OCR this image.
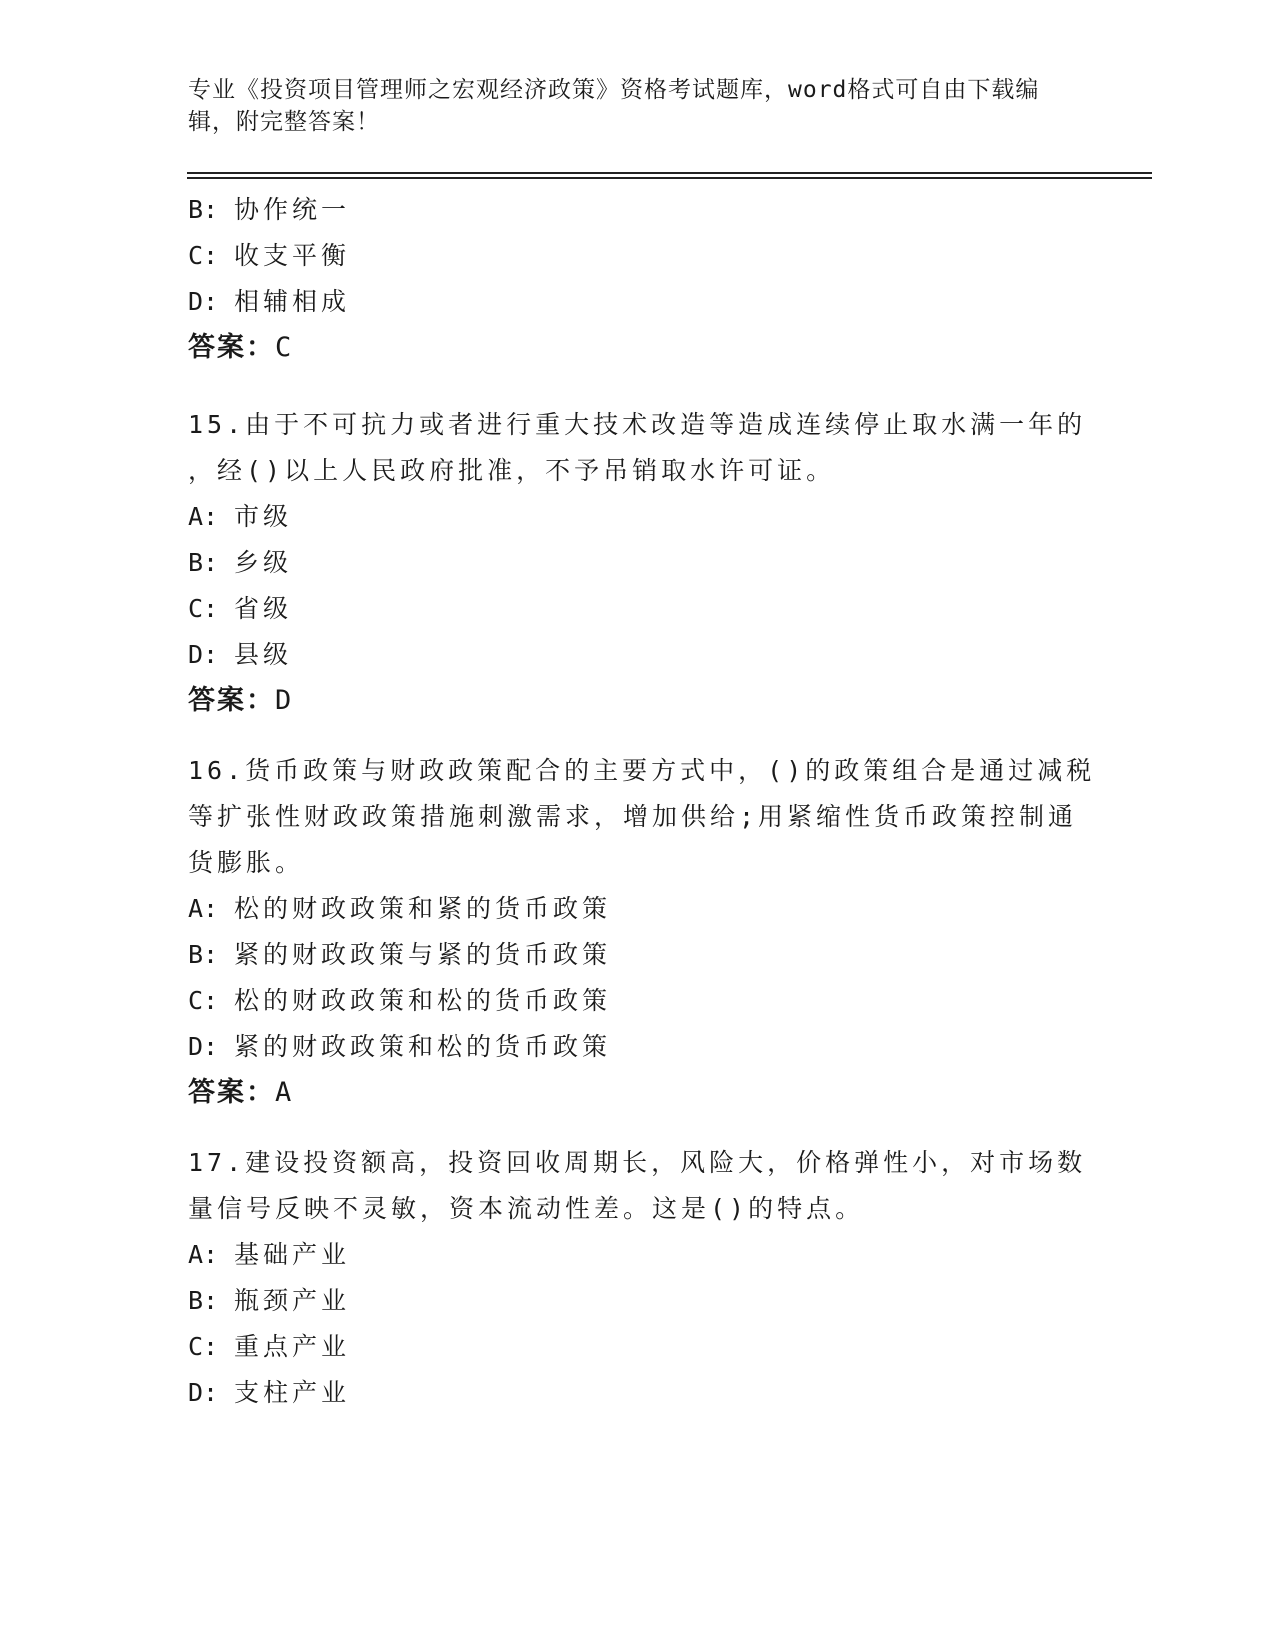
专业《投资项目管理师之宏观经济政策》资格考试题库，word格式可自由下载编
辑，附完整答案！
B: 协作统一
C: 收支平衡
D: 相辅相成
答案：C
15.由于不可抗力或者进行重大技术改造等造成连续停止取水满一年的
，经()以上人民政府批准，不予吊销取水许可证。
A: 市级
B: 乡级
C: 省级
D: 县级
答案：D
16.货币政策与财政政策配合的主要方式中，()的政策组合是通过减税
等扩张性财政政策措施刺激需求，增加供给;用紧缩性货币政策控制通
货膨胀。
A: 松的财政政策和紧的货币政策
B: 紧的财政政策与紧的货币政策
C: 松的财政政策和松的货币政策
D: 紧的财政政策和松的货币政策
答案：A
17.建设投资额高，投资回收周期长，风险大，价格弹性小，对市场数
量信号反映不灵敏，资本流动性差。这是()的特点。
A: 基础产业
B: 瓶颈产业
C: 重点产业
D: 支柱产业
